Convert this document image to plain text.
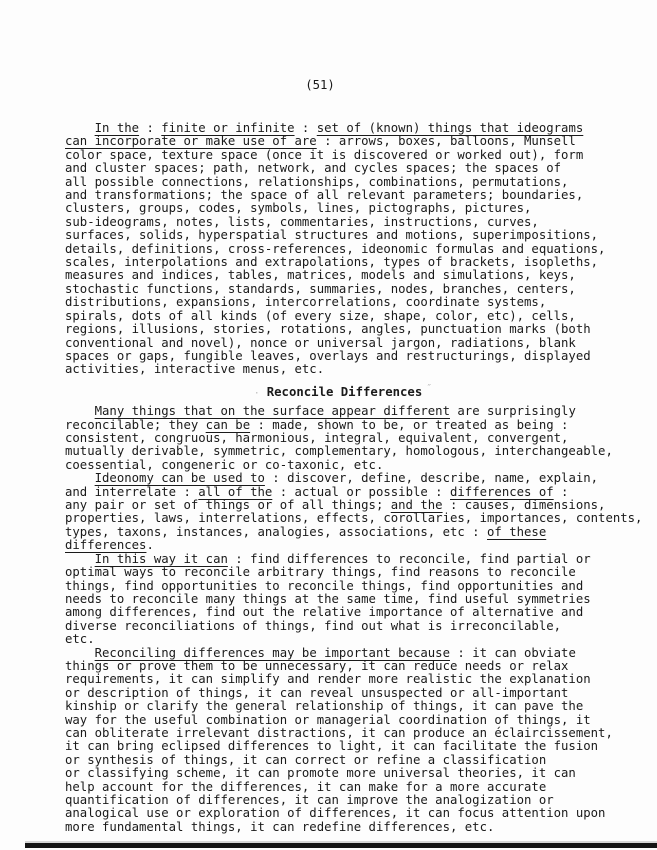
(51)
In the : finite or infinite : set of (known) things that ideograms
can incorporate or make use of are : arrows, boxes, balloons, Munsell
color space, texture space (once it is discovered or worked out), form
and cluster spaces; path, network, and cycles spaces; the spaces of
all possible connections, relationships, combinations, permutations,
and transformations; the space of all relevant parameters; boundaries,
clusters, groups, codes, symbols, lines, pictographs, pictures,
sub-ideograms, notes, lists, commentaries, instructions, curves,
surfaces, solids, hyperspatial structures and motions, superimpositions,
details, definitions, cross-references, ideonomic formulas and equations,
scales, interpolations and extrapolations, types of brackets, isopleths,
measures and indices, tables, matrices, models and simulations, keys,
stochastic functions, standards, summaries, nodes, branches, centers,
distributions, expansions, intercorrelations, coordinate systems,
spirals, dots of all kinds (of every size, shape, color, etc), cells,
regions, illusions, stories, rotations, angles, punctuation marks (both
conventional and novel), nonce or universal jargon, radiations, blank
spaces or gaps, fungible leaves, overlays and restructurings, displayed
activities, interactive menus, etc.
· Reconcile Differences ″
Many things that on the surface appear different are surprisingly
reconcilable; they can be : made, shown to be, or treated as being :
consistent, congruous, harmonious, integral, equivalent, convergent,
mutually derivable, symmetric, complementary, homologous, interchangeable,
coessential, congeneric or co-taxonic, etc.
Ideonomy can be used to : discover, define, describe, name, explain,
and interrelate : all of the : actual or possible : differences of :
any pair or set of things or of all things; and the : causes, dimensions,
properties, laws, interrelations, effects, corollaries, importances, contents,
types, taxons, instances, analogies, associations, etc : of these
differences.
In this way it can : find differences to reconcile, find partial or
optimal ways to reconcile arbitrary things, find reasons to reconcile
things, find opportunities to reconcile things, find opportunities and
needs to reconcile many things at the same time, find useful symmetries
among differences, find out the relative importance of alternative and
diverse reconciliations of things, find out what is irreconcilable,
etc.
Reconciling differences may be important because : it can obviate
things or prove them to be unnecessary, it can reduce needs or relax
requirements, it can simplify and render more realistic the explanation
or description of things, it can reveal unsuspected or all-important
kinship or clarify the general relationship of things, it can pave the
way for the useful combination or managerial coordination of things, it
can obliterate irrelevant distractions, it can produce an éclaircissement,
it can bring eclipsed differences to light, it can facilitate the fusion
or synthesis of things, it can correct or refine a classification
or classifying scheme, it can promote more universal theories, it can
help account for the differences, it can make for a more accurate
quantification of differences, it can improve the analogization or
analogical use or exploration of differences, it can focus attention upon
more fundamental things, it can redefine differences, etc.
